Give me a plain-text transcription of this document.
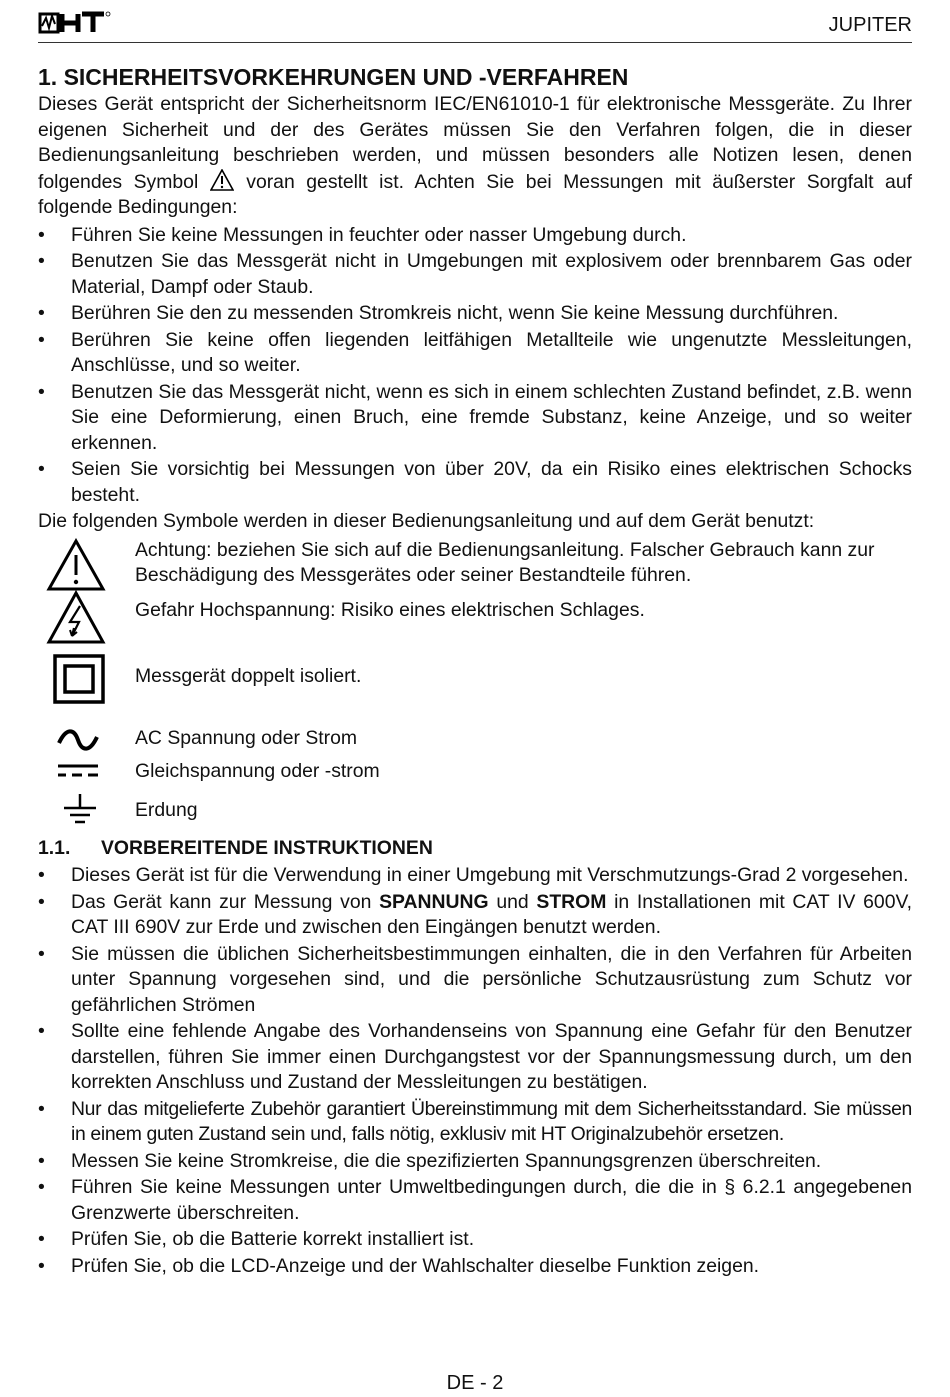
JUPITER
1. SICHERHEITSVORKEHRUNGEN UND -VERFAHREN

Dieses Gerät entspricht der Sicherheitsnorm IEC/EN61010-1 für elektronische Messgeräte. Zu Ihrer eigenen Sicherheit und der des Gerätes müssen Sie den Verfahren folgen, die in dieser Bedienungsanleitung beschrieben werden, und müssen besonders alle Notizen lesen, denen folgendes Symbol voran gestellt ist. Achten Sie bei Messungen mit äußerster Sorgfalt auf folgende Bedingungen:

• Führen Sie keine Messungen in feuchter oder nasser Umgebung durch.
• Benutzen Sie das Messgerät nicht in Umgebungen mit explosivem oder brennbarem Gas oder Material, Dampf oder Staub.
• Berühren Sie den zu messenden Stromkreis nicht, wenn Sie keine Messung durchführen.
• Berühren Sie keine offen liegenden leitfähigen Metallteile wie ungenutzte Messleitungen, Anschlüsse, und so weiter.
• Benutzen Sie das Messgerät nicht, wenn es sich in einem schlechten Zustand befindet, z.B. wenn Sie eine Deformierung, einen Bruch, eine fremde Substanz, keine Anzeige, und so weiter erkennen.
• Seien Sie vorsichtig bei Messungen von über 20V, da ein Risiko eines elektrischen Schocks besteht.

Die folgenden Symbole werden in dieser Bedienungsanleitung und auf dem Gerät benutzt:

Achtung: beziehen Sie sich auf die Bedienungsanleitung. Falscher Gebrauch kann zur Beschädigung des Messgerätes oder seiner Bestandteile führen.
Gefahr Hochspannung: Risiko eines elektrischen Schlages.
Messgerät doppelt isoliert.
AC Spannung oder Strom
Gleichspannung oder -strom
Erdung
1.1. VORBEREITENDE INSTRUKTIONEN
• Dieses Gerät ist für die Verwendung in einer Umgebung mit Verschmutzungs-Grad 2 vorgesehen.
• Das Gerät kann zur Messung von SPANNUNG und STROM in Installationen mit CAT IV 600V, CAT III 690V zur Erde und zwischen den Eingängen benutzt werden.
• Sie müssen die üblichen Sicherheitsbestimmungen einhalten, die in den Verfahren für Arbeiten unter Spannung vorgesehen sind, und die persönliche Schutzausrüstung zum Schutz vor gefährlichen Strömen
• Sollte eine fehlende Angabe des Vorhandenseins von Spannung eine Gefahr für den Benutzer darstellen, führen Sie immer einen Durchgangstest vor der Spannungsmessung durch, um den korrekten Anschluss und Zustand der Messleitungen zu bestätigen.
• Nur das mitgelieferte Zubehör garantiert Übereinstimmung mit dem Sicherheitsstandard. Sie müssen in einem guten Zustand sein und, falls nötig, exklusiv mit HT Originalzubehör ersetzen.
• Messen Sie keine Stromkreise, die die spezifizierten Spannungsgrenzen überschreiten.
• Führen Sie keine Messungen unter Umweltbedingungen durch, die die in § 6.2.1 angegebenen Grenzwerte überschreiten.
• Prüfen Sie, ob die Batterie korrekt installiert ist.
• Prüfen Sie, ob die LCD-Anzeige und der Wahlschalter dieselbe Funktion zeigen.
DE - 2
